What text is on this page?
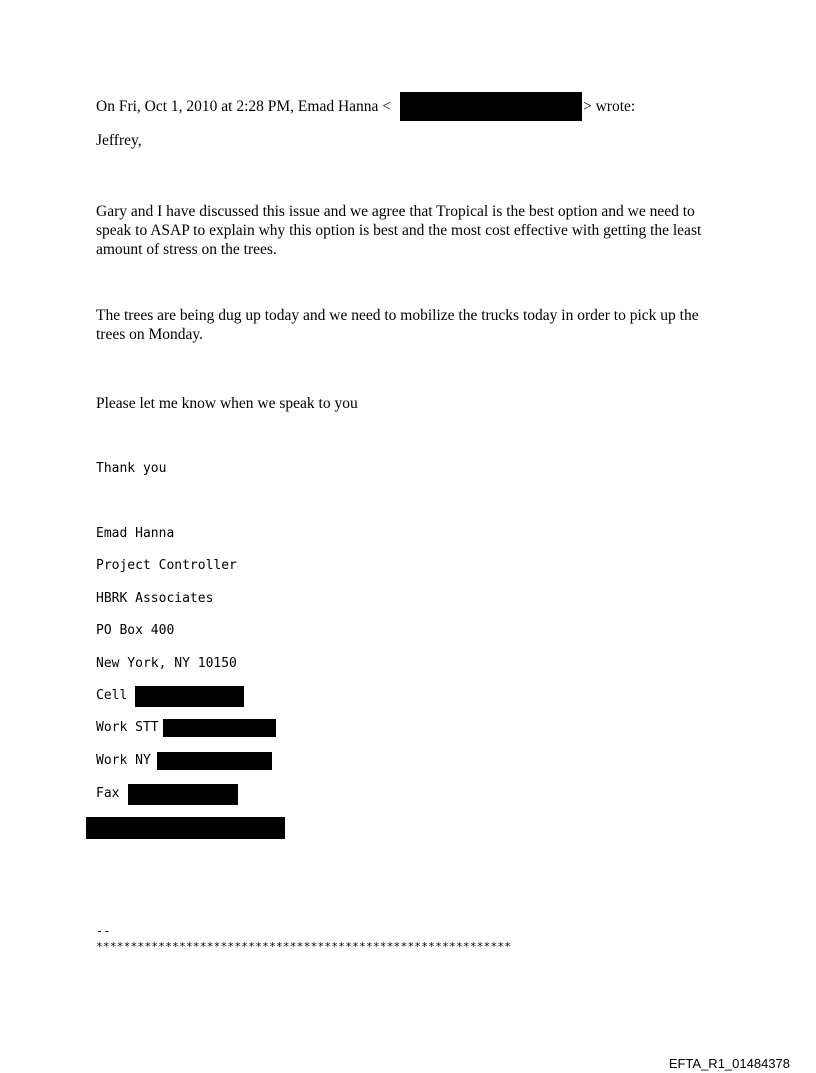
On Fri, Oct 1, 2010 at 2:28 PM, Emad Hanna <	> wrote:

Jeffrey,

Gary and I have discussed this issue and we agree that Tropical is the best option and we need to speak to ASAP to explain why this option is best and the most cost effective with getting the least amount of stress on the trees.

The trees are being dug up today and we need to mobilize the trucks today in order to pick up the trees on Monday.

Please let me know when we speak to you

Thank you

Emad Hanna

Project Controller

HBRK Associates

PO Box 400

New York, NY 10150

Cell

Work STT

Work NY

Fax

--

************************************************************

EFTA_R1_01484378
